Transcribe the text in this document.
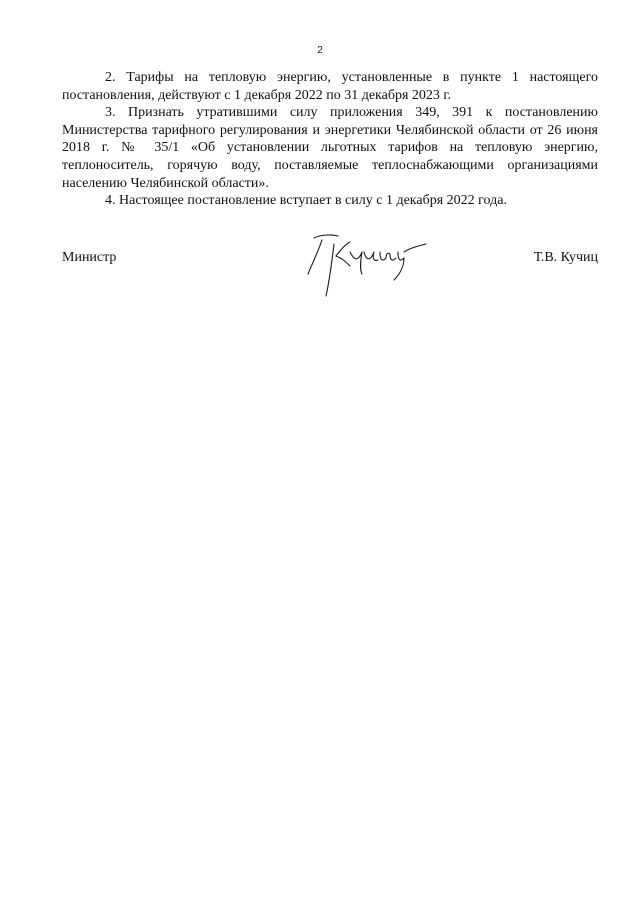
2

2. Тарифы на тепловую энергию, установленные в пункте 1 настоящего постановления, действуют с 1 декабря 2022 по 31 декабря 2023 г.

3. Признать утратившими силу приложения 349, 391 к постановлению Министерства тарифного регулирования и энергетики Челябинской области от 26 июня 2018 г. № 35/1 «Об установлении льготных тарифов на тепловую энергию, теплоноситель, горячую воду, поставляемые теплоснабжающими организациями населению Челябинской области».

4. Настоящее постановление вступает в силу с 1 декабря 2022 года.

Министр	Т.В. Кучиц
